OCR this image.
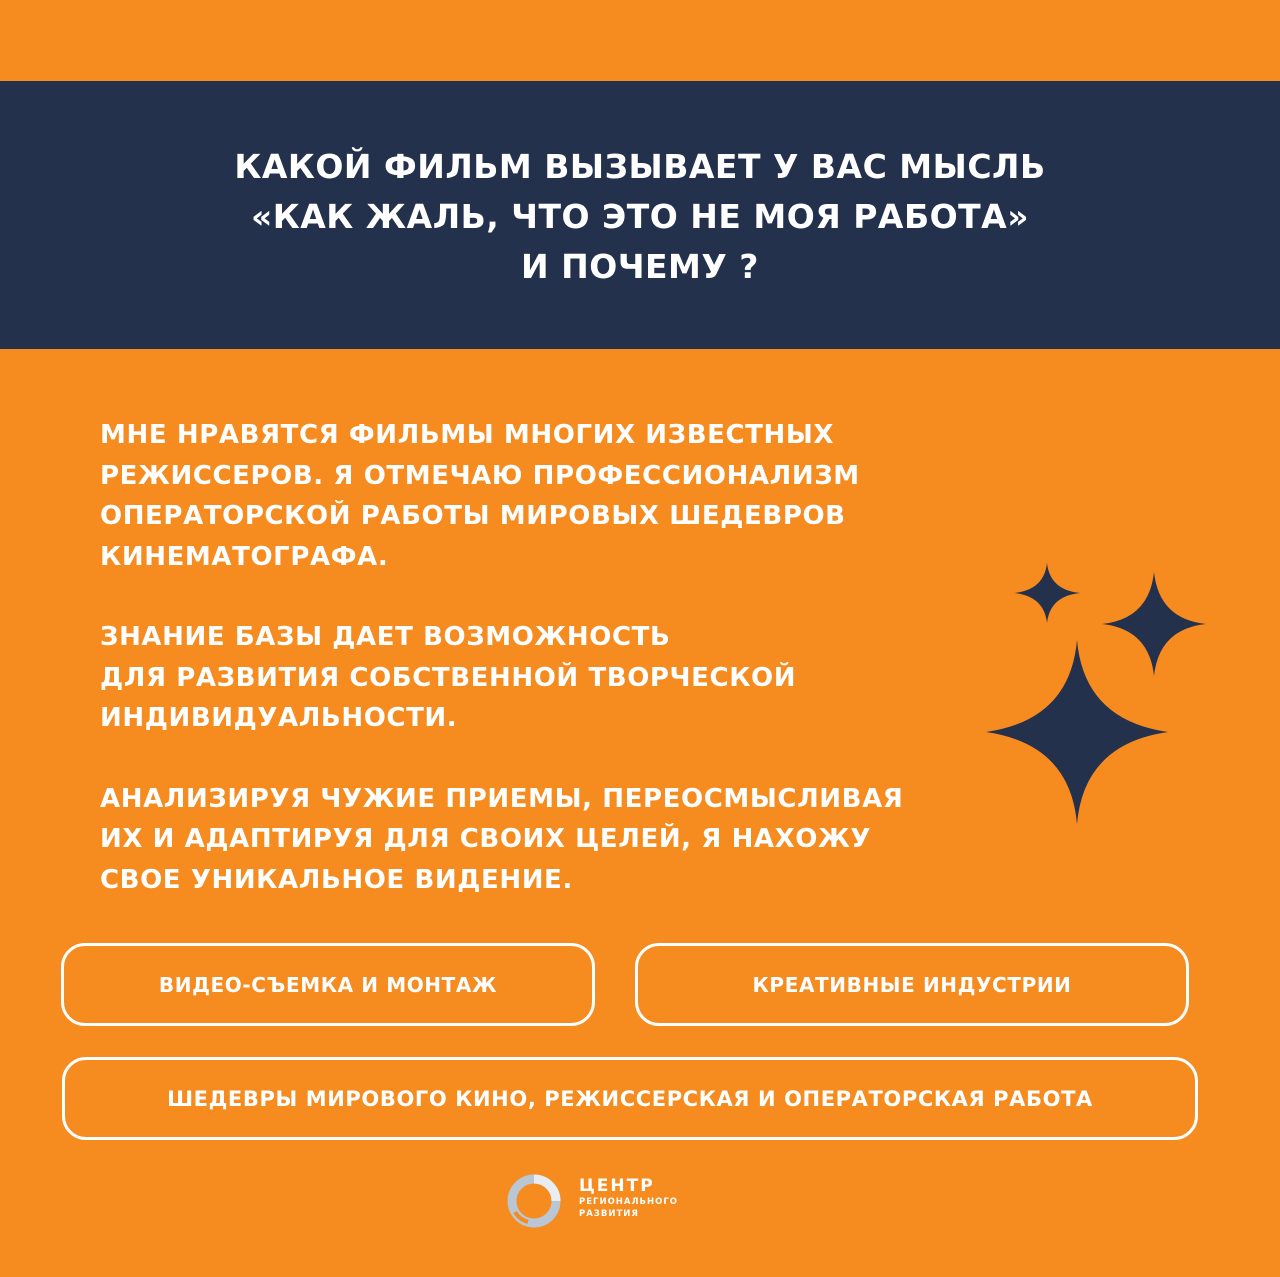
КАКОЙ ФИЛЬМ ВЫЗЫВАЕТ У ВАС МЫСЛЬ
«КАК ЖАЛЬ, ЧТО ЭТО НЕ МОЯ РАБОТА»
И ПОЧЕМУ ?

МНЕ НРАВЯТСЯ ФИЛЬМЫ МНОГИХ ИЗВЕСТНЫХ
РЕЖИССЕРОВ. Я ОТМЕЧАЮ ПРОФЕССИОНАЛИЗМ
ОПЕРАТОРСКОЙ РАБОТЫ МИРОВЫХ ШЕДЕВРОВ
КИНЕМАТОГРАФА.

ЗНАНИЕ БАЗЫ ДАЕТ ВОЗМОЖНОСТЬ
ДЛЯ РАЗВИТИЯ СОБСТВЕННОЙ ТВОРЧЕСКОЙ
ИНДИВИДУАЛЬНОСТИ.

АНАЛИЗИРУЯ ЧУЖИЕ ПРИЕМЫ, ПЕРЕОСМЫСЛИВАЯ
ИХ И АДАПТИРУЯ ДЛЯ СВОИХ ЦЕЛЕЙ, Я НАХОЖУ
СВОЕ УНИКАЛЬНОЕ ВИДЕНИЕ.

ВИДЕО-СЪЕМКА И МОНТАЖ	КРЕАТИВНЫЕ ИНДУСТРИИ
ШЕДЕВРЫ МИРОВОГО КИНО, РЕЖИССЕРСКАЯ И ОПЕРАТОРСКАЯ РАБОТА
ЦЕНТР
РЕГИОНАЛЬНОГО
РАЗВИТИЯ
